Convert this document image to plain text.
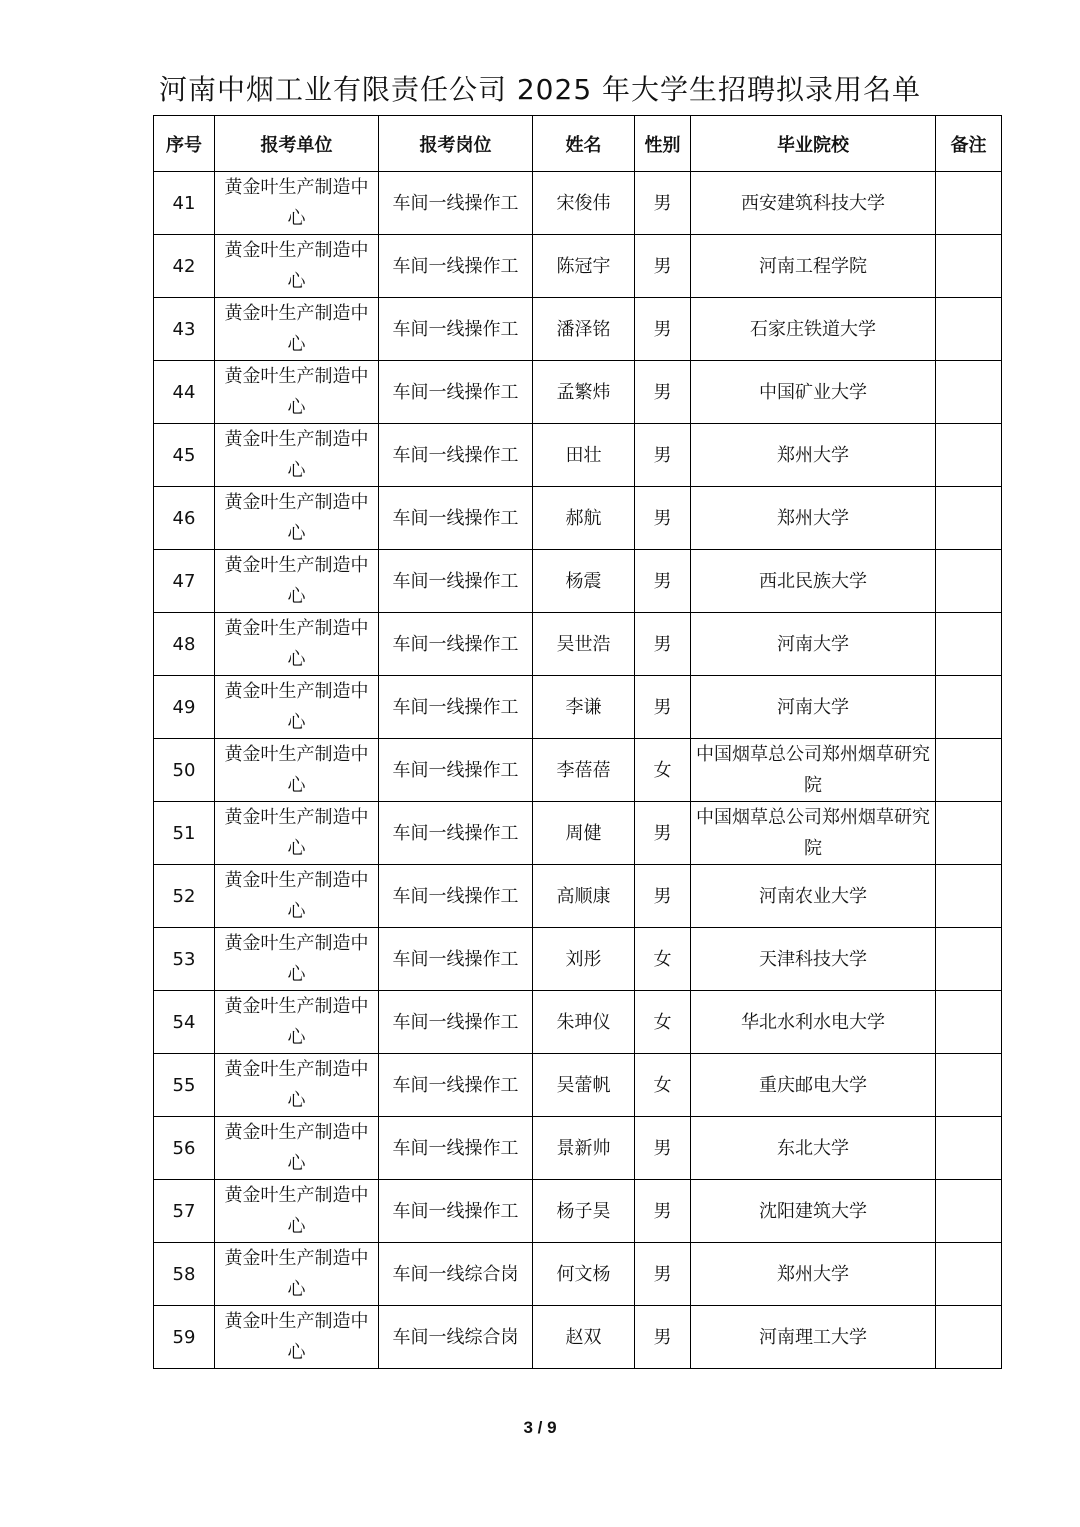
河南中烟工业有限责任公司 2025 年大学生招聘拟录用名单
序号	报考单位	报考岗位	姓名	性别	毕业院校	备注
41	黄金叶生产制造中心	车间一线操作工	宋俊伟	男	西安建筑科技大学	
42	黄金叶生产制造中心	车间一线操作工	陈冠宇	男	河南工程学院	
43	黄金叶生产制造中心	车间一线操作工	潘泽铭	男	石家庄铁道大学	
44	黄金叶生产制造中心	车间一线操作工	孟繁炜	男	中国矿业大学	
45	黄金叶生产制造中心	车间一线操作工	田壮	男	郑州大学	
46	黄金叶生产制造中心	车间一线操作工	郝航	男	郑州大学	
47	黄金叶生产制造中心	车间一线操作工	杨震	男	西北民族大学	
48	黄金叶生产制造中心	车间一线操作工	吴世浩	男	河南大学	
49	黄金叶生产制造中心	车间一线操作工	李谦	男	河南大学	
50	黄金叶生产制造中心	车间一线操作工	李蓓蓓	女	中国烟草总公司郑州烟草研究院	
51	黄金叶生产制造中心	车间一线操作工	周健	男	中国烟草总公司郑州烟草研究院	
52	黄金叶生产制造中心	车间一线操作工	高顺康	男	河南农业大学	
53	黄金叶生产制造中心	车间一线操作工	刘彤	女	天津科技大学	
54	黄金叶生产制造中心	车间一线操作工	朱珅仪	女	华北水利水电大学	
55	黄金叶生产制造中心	车间一线操作工	吴蕾帆	女	重庆邮电大学	
56	黄金叶生产制造中心	车间一线操作工	景新帅	男	东北大学	
57	黄金叶生产制造中心	车间一线操作工	杨子昊	男	沈阳建筑大学	
58	黄金叶生产制造中心	车间一线综合岗	何文杨	男	郑州大学	
59	黄金叶生产制造中心	车间一线综合岗	赵双	男	河南理工大学	
3 / 9
